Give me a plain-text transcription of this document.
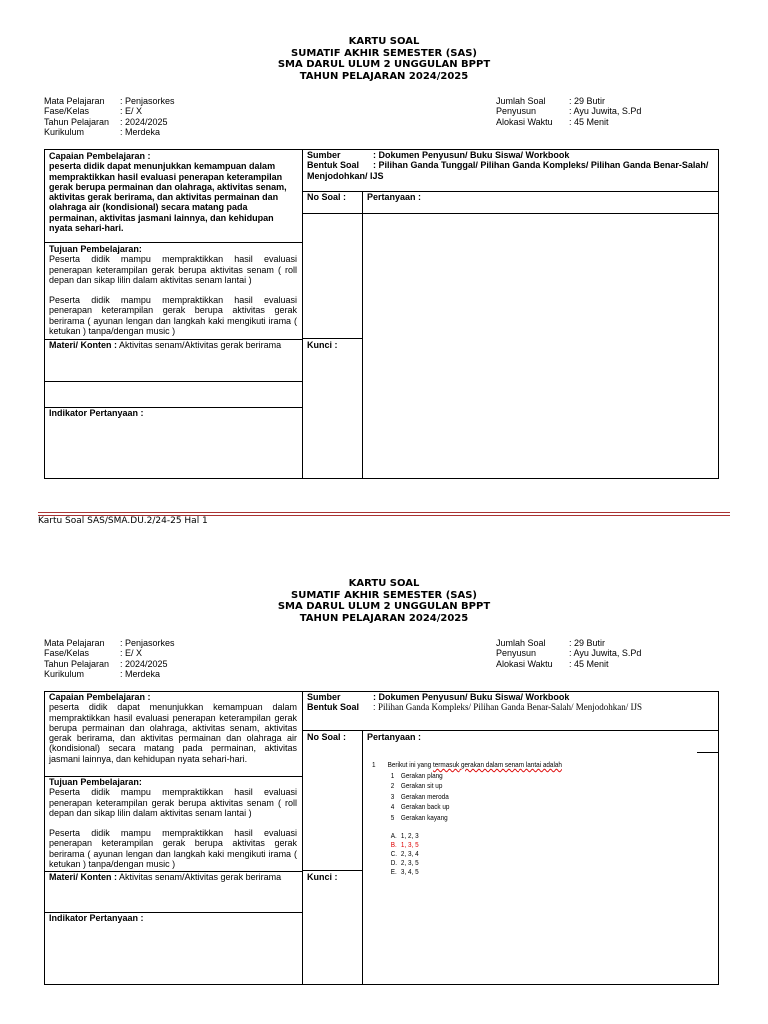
KARTU SOAL
SUMATIF AKHIR SEMESTER (SAS)
SMA DARUL ULUM 2 UNGGULAN BPPT
TAHUN PELAJARAN 2024/2025
Mata Pelajaran	: Penjasorkes
Fase/Kelas	: E/ X
Tahun Pelajaran	: 2024/2025
Kurikulum	: Merdeka
Jumlah Soal	: 29 Butir
Penyusun	: Ayu Juwita, S.Pd
Alokasi Waktu	: 45 Menit
Capaian Pembelajaran :
peserta didik dapat menunjukkan kemampuan dalam mempraktikkan hasil evaluasi penerapan keterampilan gerak berupa permainan dan olahraga, aktivitas senam, aktivitas gerak berirama, dan aktivitas permainan dan olahraga air (kondisional) secara matang pada permainan, aktivitas jasmani lainnya, dan kehidupan nyata sehari-hari.
Tujuan Pembelajaran:
Peserta didik mampu mempraktikkan hasil evaluasi penerapan keterampilan gerak berupa aktivitas senam ( roll depan dan sikap lilin dalam aktivitas senam lantai )
Peserta didik mampu mempraktikkan hasil evaluasi penerapan keterampilan gerak berupa aktivitas gerak berirama ( ayunan lengan dan langkah kaki mengikuti irama ( ketukan ) tanpa/dengan music )
Materi/ Konten : Aktivitas senam/Aktivitas gerak berirama
Indikator Pertanyaan :
Sumber	: Dokumen Penyusun/ Buku Siswa/ Workbook
Bentuk Soal : Pilihan Ganda Tunggal/ Pilihan Ganda Kompleks/ Pilihan Ganda Benar-Salah/ Menjodohkan/ IJS
No Soal : Pertanyaan :
Kunci :
Kartu Soal SAS/SMA.DU.2/24-25 Hal 1
KARTU SOAL
SUMATIF AKHIR SEMESTER (SAS)
SMA DARUL ULUM 2 UNGGULAN BPPT
TAHUN PELAJARAN 2024/2025
Mata Pelajaran	: Penjasorkes
Fase/Kelas	: E/ X
Tahun Pelajaran	: 2024/2025
Kurikulum	: Merdeka
Jumlah Soal	: 29 Butir
Penyusun	: Ayu Juwita, S.Pd
Alokasi Waktu	: 45 Menit
Capaian Pembelajaran :
peserta didik dapat menunjukkan kemampuan dalam mempraktikkan hasil evaluasi penerapan keterampilan gerak berupa permainan dan olahraga, aktivitas senam, aktivitas gerak berirama, dan aktivitas permainan dan olahraga air (kondisional) secara matang pada permainan, aktivitas jasmani lainnya, dan kehidupan nyata sehari-hari.
Tujuan Pembelajaran:
Peserta didik mampu mempraktikkan hasil evaluasi penerapan keterampilan gerak berupa aktivitas senam ( roll depan dan sikap lilin dalam aktivitas senam lantai )
Peserta didik mampu mempraktikkan hasil evaluasi penerapan keterampilan gerak berupa aktivitas gerak berirama ( ayunan lengan dan langkah kaki mengikuti irama ( ketukan ) tanpa/dengan music )
Materi/ Konten : Aktivitas senam/Aktivitas gerak berirama
Indikator Pertanyaan :
Sumber	: Dokumen Penyusun/ Buku Siswa/ Workbook
Bentuk Soal	: Pilihan Ganda Kompleks/ Pilihan Ganda Benar-Salah/ Menjodohkan/ IJS
No Soal : Pertanyaan :
Kunci :
1 Berikut ini yang termasuk gerakan dalam senam lantai adalah
1 Gerakan plang
2 Gerakan sit up
3 Gerakan meroda
4 Gerakan back up
5 Gerakan kayang
A. 1, 2, 3
B. 1, 3, 5
C. 2, 3, 4
D. 2, 3, 5
E. 3, 4, 5
